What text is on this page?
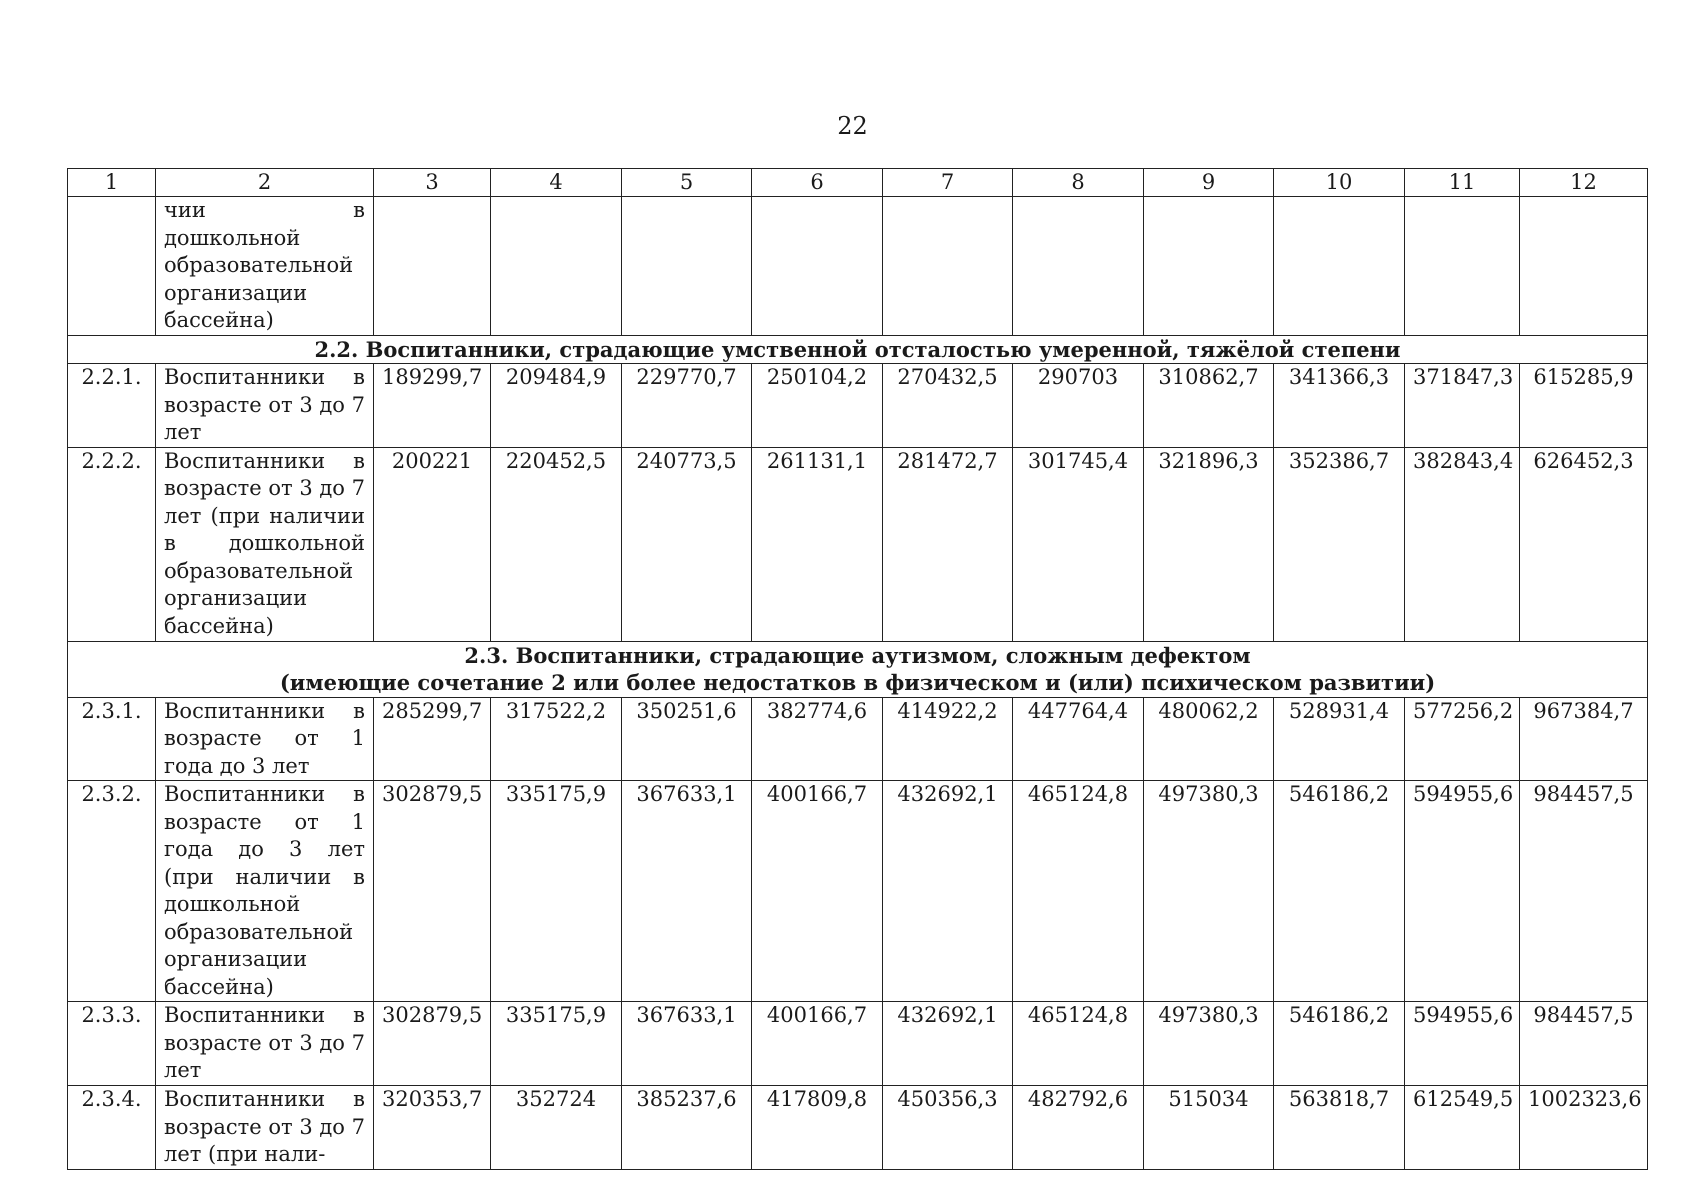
22
1	2	3	4	5	6	7	8	9	10	11	12
	чии в дошкольной образовательной организации бассейна)										
2.2. Воспитанники, страдающие умственной отсталостью умеренной, тяжёлой степени											
2.2.1.	Воспитанники в возрасте от 3 до 7 лет	189299,7	209484,9	229770,7	250104,2	270432,5	290703	310862,7	341366,3	371847,3	615285,9
2.2.2.	Воспитанники в возрасте от 3 до 7 лет (при наличии в дошкольной образовательной организации бассейна)	200221	220452,5	240773,5	261131,1	281472,7	301745,4	321896,3	352386,7	382843,4	626452,3

2.3. Воспитанники, страдающие аутизмом, сложным дефектом
(имеющие сочетание 2 или более недостатков в физическом и (или) психическом развитии)											

2.3.1.	Воспитанники в возрасте от 1 года до 3 лет	285299,7	317522,2	350251,6	382774,6	414922,2	447764,4	480062,2	528931,4	577256,2	967384,7
2.3.2.	Воспитанники в возрасте от 1 года до 3 лет (при наличии в дошкольной образовательной организации бассейна)	302879,5	335175,9	367633,1	400166,7	432692,1	465124,8	497380,3	546186,2	594955,6	984457,5
2.3.3.	Воспитанники в возрасте от 3 до 7 лет	302879,5	335175,9	367633,1	400166,7	432692,1	465124,8	497380,3	546186,2	594955,6	984457,5
2.3.4.	Воспитанники в возрасте от 3 до 7 лет (при нали-	320353,7	352724	385237,6	417809,8	450356,3	482792,6	515034	563818,7	612549,5	1002323,6
